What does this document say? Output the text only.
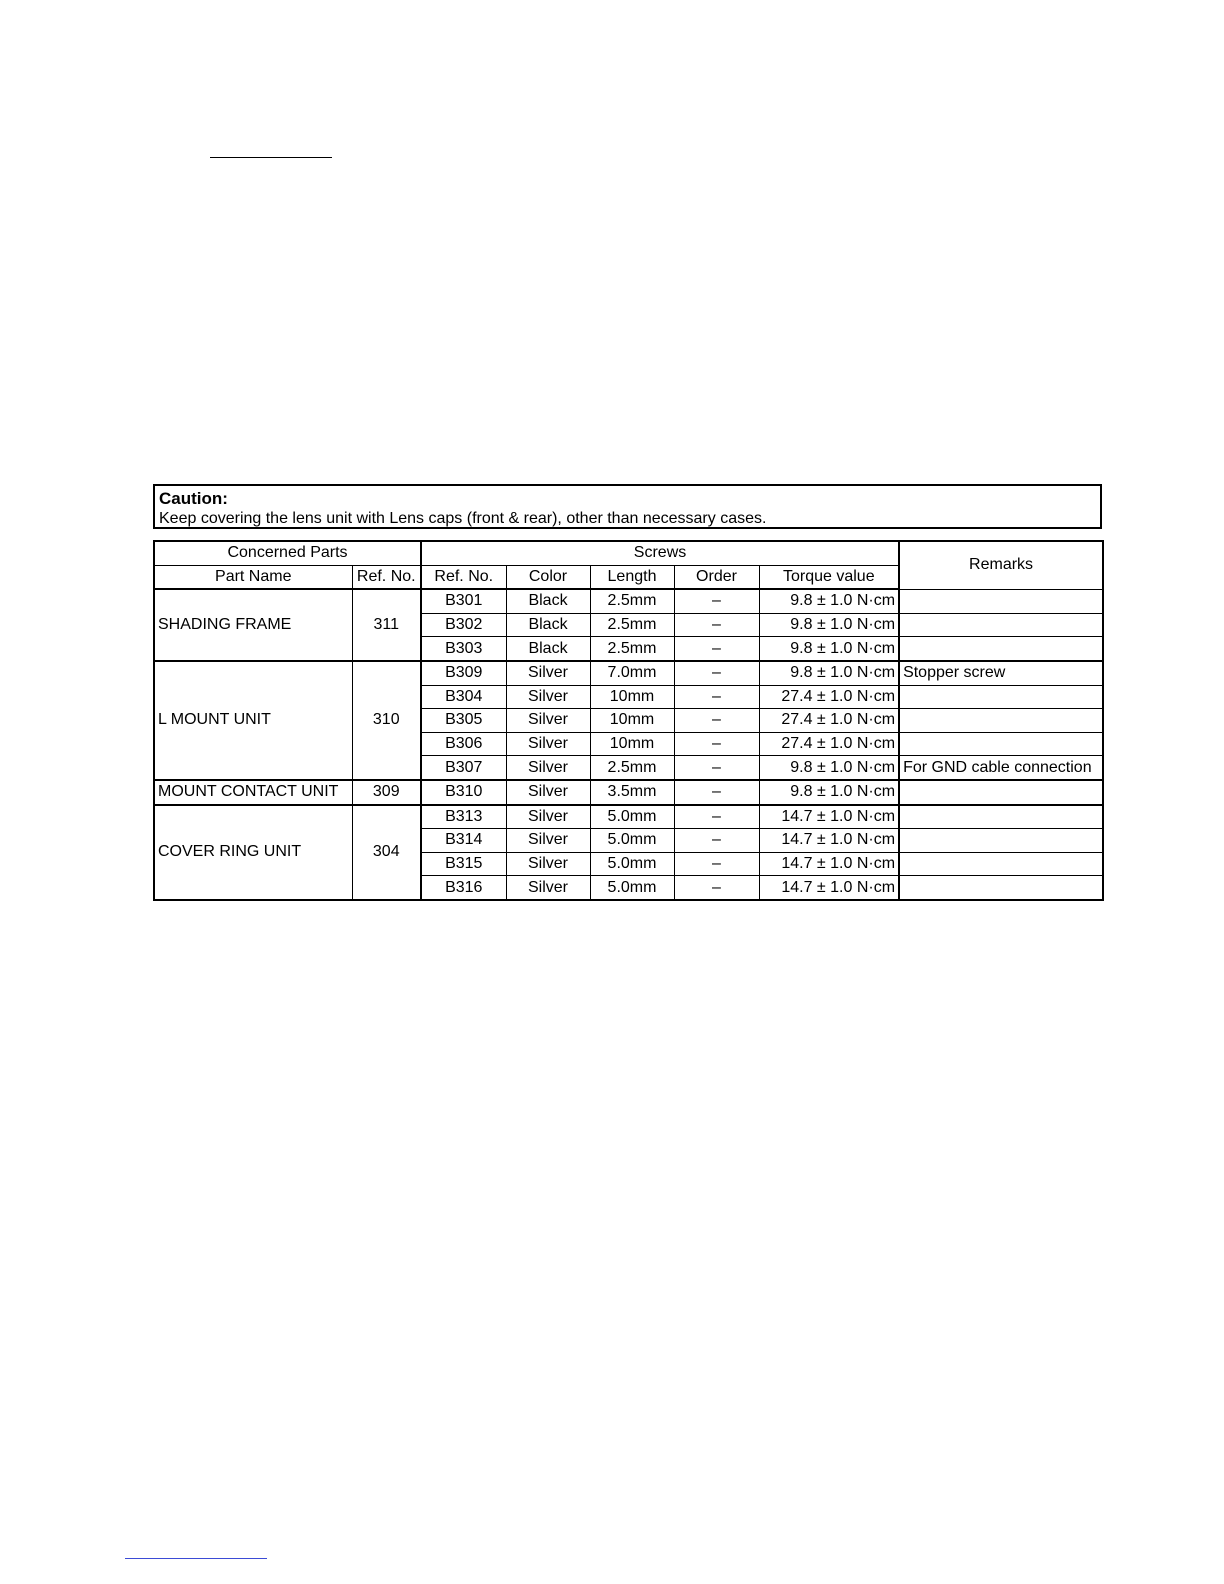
Caution:
Keep covering the lens unit with Lens caps (front & rear), other than necessary cases.
Concerned Parts		Screws					Remarks
Part Name	Ref. No.	Ref. No.	Color	Length	Order	Torque value	
SHADING FRAME	311	B301	Black	2.5mm	–	9.8 ± 1.0 N·cm	
		B302	Black	2.5mm	–	9.8 ± 1.0 N·cm	
		B303	Black	2.5mm	–	9.8 ± 1.0 N·cm	
L MOUNT UNIT	310	B309	Silver	7.0mm	–	9.8 ± 1.0 N·cm	Stopper screw
		B304	Silver	10mm	–	27.4 ± 1.0 N·cm	
		B305	Silver	10mm	–	27.4 ± 1.0 N·cm	
		B306	Silver	10mm	–	27.4 ± 1.0 N·cm	
		B307	Silver	2.5mm	–	9.8 ± 1.0 N·cm	For GND cable connection
MOUNT CONTACT UNIT	309	B310	Silver	3.5mm	–	9.8 ± 1.0 N·cm	
COVER RING UNIT	304	B313	Silver	5.0mm	–	14.7 ± 1.0 N·cm	
		B314	Silver	5.0mm	–	14.7 ± 1.0 N·cm	
		B315	Silver	5.0mm	–	14.7 ± 1.0 N·cm	
		B316	Silver	5.0mm	–	14.7 ± 1.0 N·cm	
